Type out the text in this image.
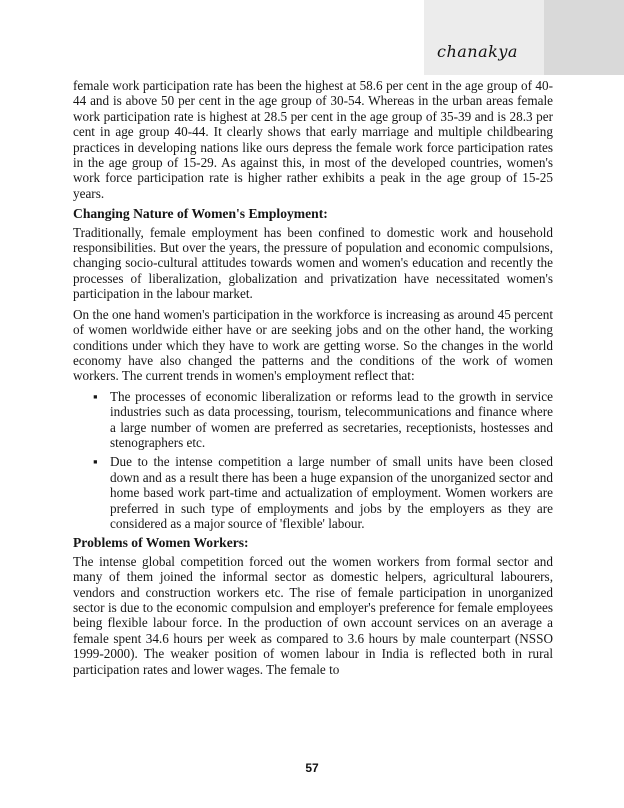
chanakya

female work participation rate has been the highest at 58.6 per cent in the age group of 40-44 and is above 50 per cent in the age group of 30-54. Whereas in the urban areas female work participation rate is highest at 28.5 per cent in the age group of 35-39 and is 28.3 per cent in age group 40-44. It clearly shows that early marriage and multiple childbearing practices in developing nations like ours depress the female work force participation rates in the age group of 15-29. As against this, in most of the developed countries, women's work force participation rate is higher rather exhibits a peak in the age group of 15-25 years.

Changing Nature of Women's Employment:

Traditionally, female employment has been confined to domestic work and household responsibilities. But over the years, the pressure of population and economic compulsions, changing socio-cultural attitudes towards women and women's education and recently the processes of liberalization, globalization and privatization have necessitated women's participation in the labour market.

On the one hand women's participation in the workforce is increasing as around 45 percent of women worldwide either have or are seeking jobs and on the other hand, the working conditions under which they have to work are getting worse. So the changes in the world economy have also changed the patterns and the conditions of the work of women workers. The current trends in women's employment reflect that:

▪ The processes of economic liberalization or reforms lead to the growth in service industries such as data processing, tourism, telecommunications and finance where a large number of women are preferred as secretaries, receptionists, hostesses and stenographers etc.
▪ Due to the intense competition a large number of small units have been closed down and as a result there has been a huge expansion of the unorganized sector and home based work part-time and actualization of employment. Women workers are preferred in such type of employments and jobs by the employers as they are considered as a major source of 'flexible' labour.
Problems of Women Workers:

The intense global competition forced out the women workers from formal sector and many of them joined the informal sector as domestic helpers, agricultural labourers, vendors and construction workers etc. The rise of female participation in unorganized sector is due to the economic compulsion and employer's preference for female employees being flexible labour force. In the production of own account services on an average a female spent 34.6 hours per week as compared to 3.6 hours by male counterpart (NSSO 1999-2000). The weaker position of women labour in India is reflected both in rural participation rates and lower wages. The female to

57
